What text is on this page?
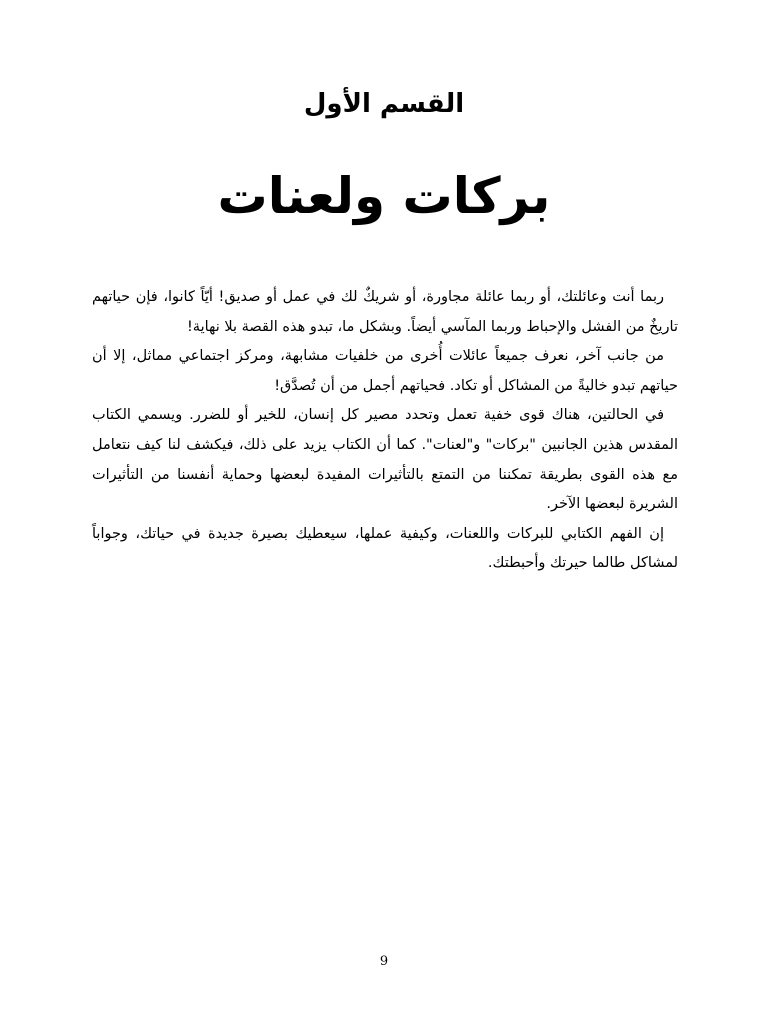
القسم الأول
بركات ولعنات

ربما أنت وعائلتك، أو ربما عائلة مجاورة، أو شريكٌ لك في عمل أو صديق! أيّاً كانوا، فإن حياتهم تاريخٌ من الفشل والإحباط وربما المآسي أيضاً. وبشكل ما، تبدو هذه القصة بلا نهاية!

من جانب آخر، نعرف جميعاً عائلات أُخرى من خلفيات مشابهة، ومركز اجتماعي مماثل، إلا أن حياتهم تبدو خاليةً من المشاكل أو تكاد. فحياتهم أجمل من أن تُصدَّق!

في الحالتين، هناك قوى خفية تعمل وتحدد مصير كل إنسان، للخير أو للضرر. ويسمي الكتاب المقدس هذين الجانبين "بركات" و"لعنات". كما أن الكتاب يزيد على ذلك، فيكشف لنا كيف نتعامل مع هذه القوى بطريقة تمكننا من التمتع بالتأثيرات المفيدة لبعضها وحماية أنفسنا من التأثيرات الشريرة لبعضها الآخر.

إن الفهم الكتابي للبركات واللعنات، وكيفية عملها، سيعطيك بصيرة جديدة في حياتك، وجواباً لمشاكل طالما حيرتك وأحبطتك.

9
